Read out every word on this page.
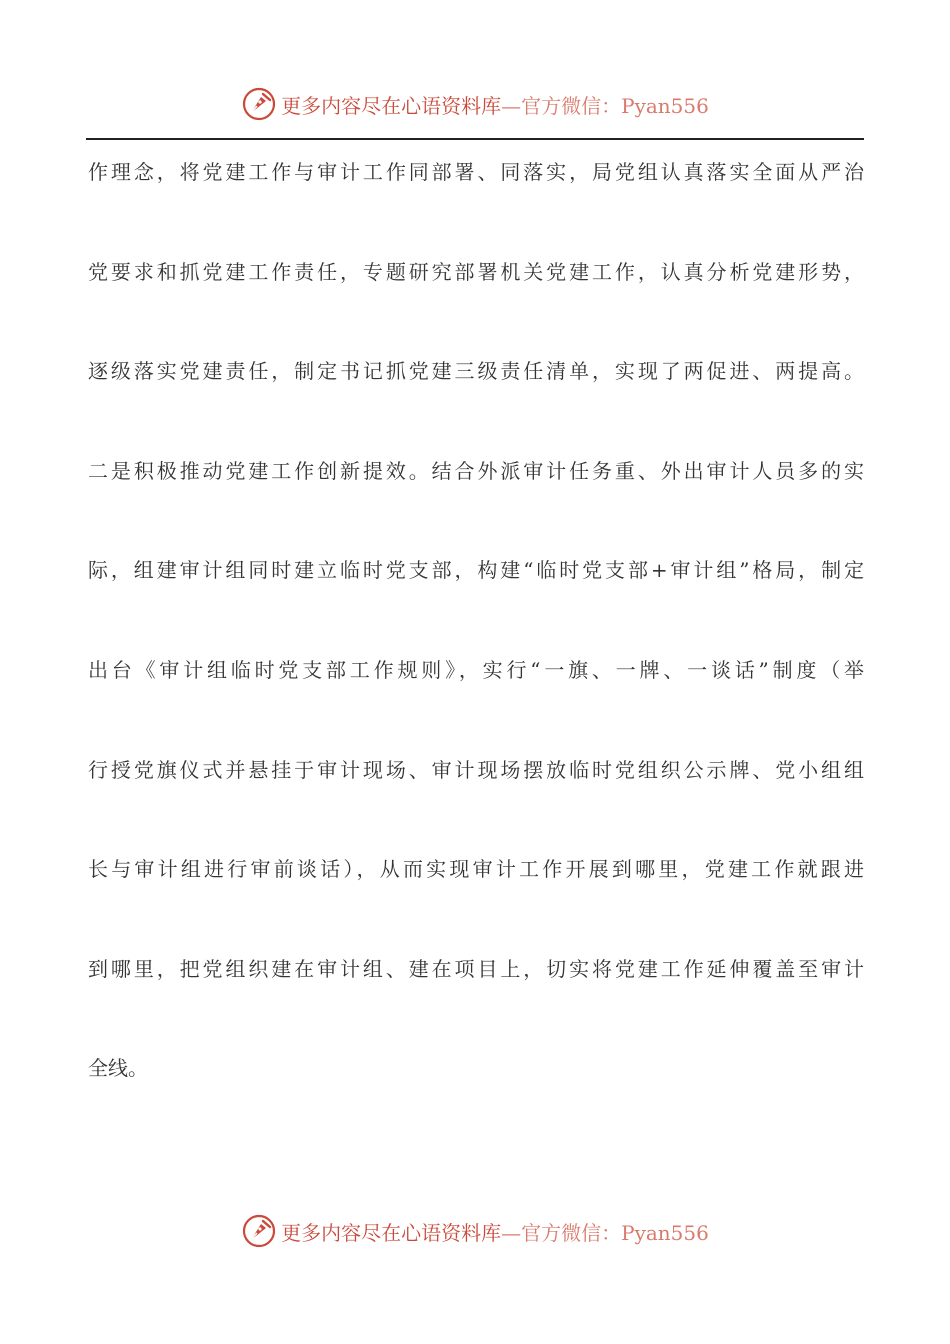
更多内容尽在心语资料库—官方微信：Pyan556
作理念，将党建工作与审计工作同部署、同落实，局党组认真落实全面从严治
党要求和抓党建工作责任，专题研究部署机关党建工作，认真分析党建形势，
逐级落实党建责任，制定书记抓党建三级责任清单，实现了两促进、两提高。
二是积极推动党建工作创新提效。结合外派审计任务重、外出审计人员多的实
际，组建审计组同时建立临时党支部，构建“临时党支部+审计组”格局，制定
出台《审计组临时党支部工作规则》，实行“一旗、一牌、一谈话”制度（举
行授党旗仪式并悬挂于审计现场、审计现场摆放临时党组织公示牌、党小组组
长与审计组进行审前谈话），从而实现审计工作开展到哪里，党建工作就跟进
到哪里，把党组织建在审计组、建在项目上，切实将党建工作延伸覆盖至审计
全线。
更多内容尽在心语资料库—官方微信：Pyan556
